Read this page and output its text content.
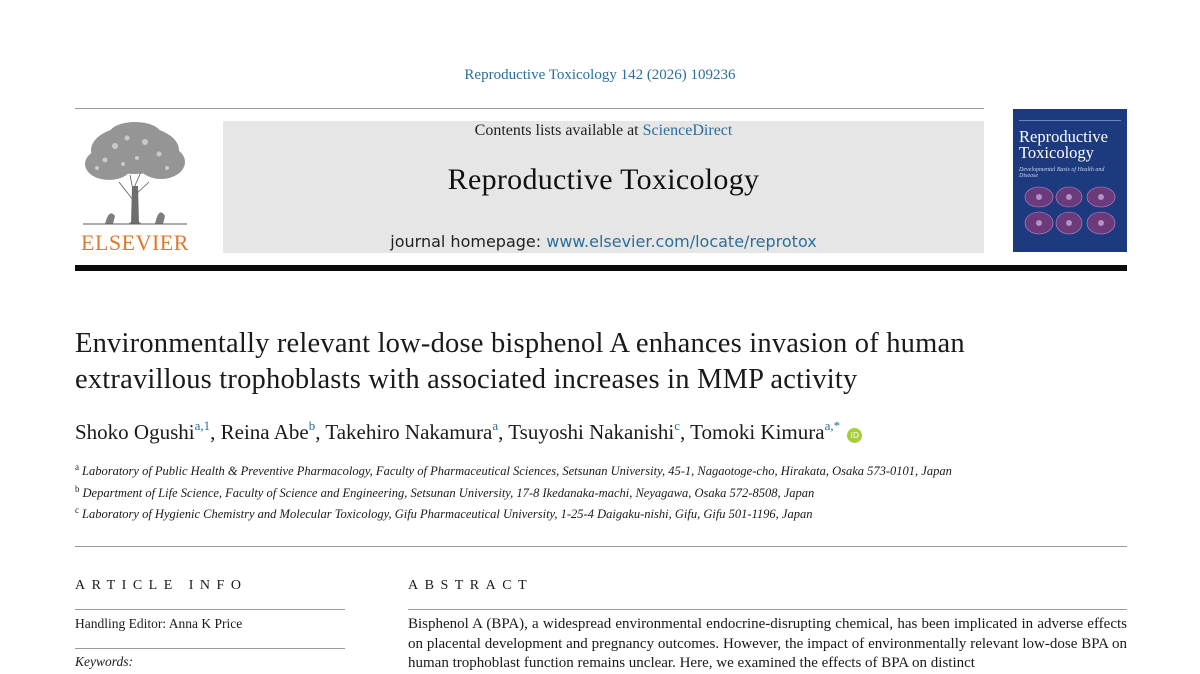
Reproductive Toxicology 142 (2026) 109236
ELSEVIER
Contents lists available at ScienceDirect
Reproductive Toxicology
journal homepage: www.elsevier.com/locate/reprotox
Reproductive
Toxicology
Developmental Basis of Health and Disease
Environmentally relevant low-dose bisphenol A enhances invasion of human extravillous trophoblasts with associated increases in MMP activity
Shoko Ogushi$^{a,1}$, Reina Abe$^b$, Takehiro Nakamura$^a$, Tsuyoshi Nakanishi$^c$, Tomoki Kimura$^{a,*}$ iD
$^a$ Laboratory of Public Health & Preventive Pharmacology, Faculty of Pharmaceutical Sciences, Setsunan University, 45-1, Nagaotoge-cho, Hirakata, Osaka 573-0101, Japan
$^b$ Department of Life Science, Faculty of Science and Engineering, Setsunan University, 17-8 Ikedanaka-machi, Neyagawa, Osaka 572-8508, Japan
$^c$ Laboratory of Hygienic Chemistry and Molecular Toxicology, Gifu Pharmaceutical University, 1-25-4 Daigaku-nishi, Gifu, Gifu 501-1196, Japan
ARTICLE INFO	ABSTRACT
Handling Editor: Anna K Price
Keywords:
Bisphenol A (BPA), a widespread environmental endocrine-disrupting chemical, has been implicated in adverse effects on placental development and pregnancy outcomes. However, the impact of environmentally relevant low-dose BPA on human trophoblast function remains unclear. Here, we examined the effects of BPA on distinct
